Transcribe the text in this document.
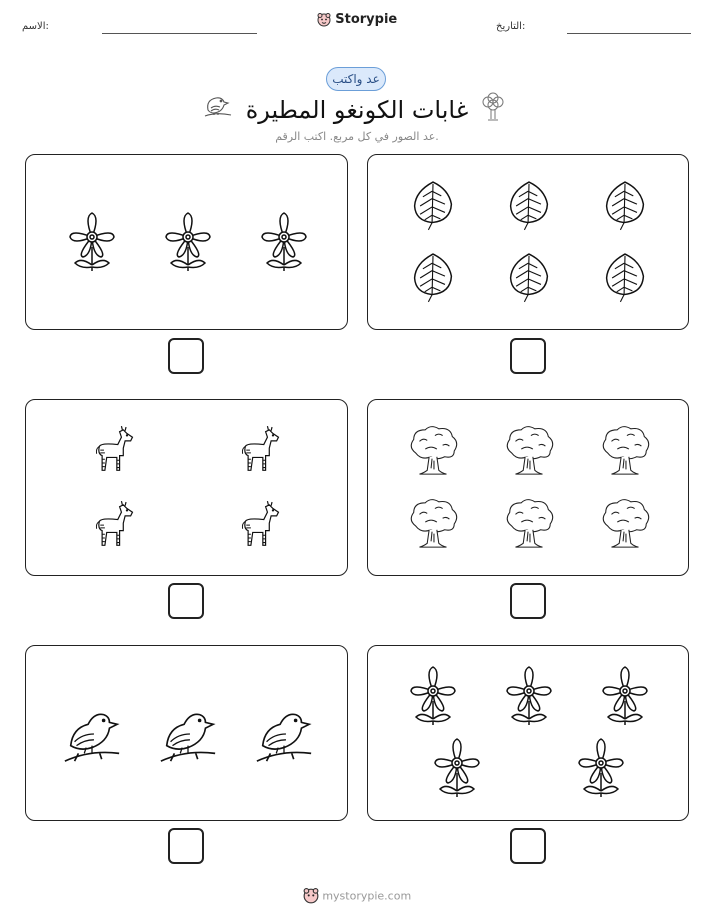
الاسم:	Storypie	التاريخ:
عد واكتب
غابات الكونغو المطيرة
عد الصور في كل مربع. اكتب الرقم.
mystorypie.com
